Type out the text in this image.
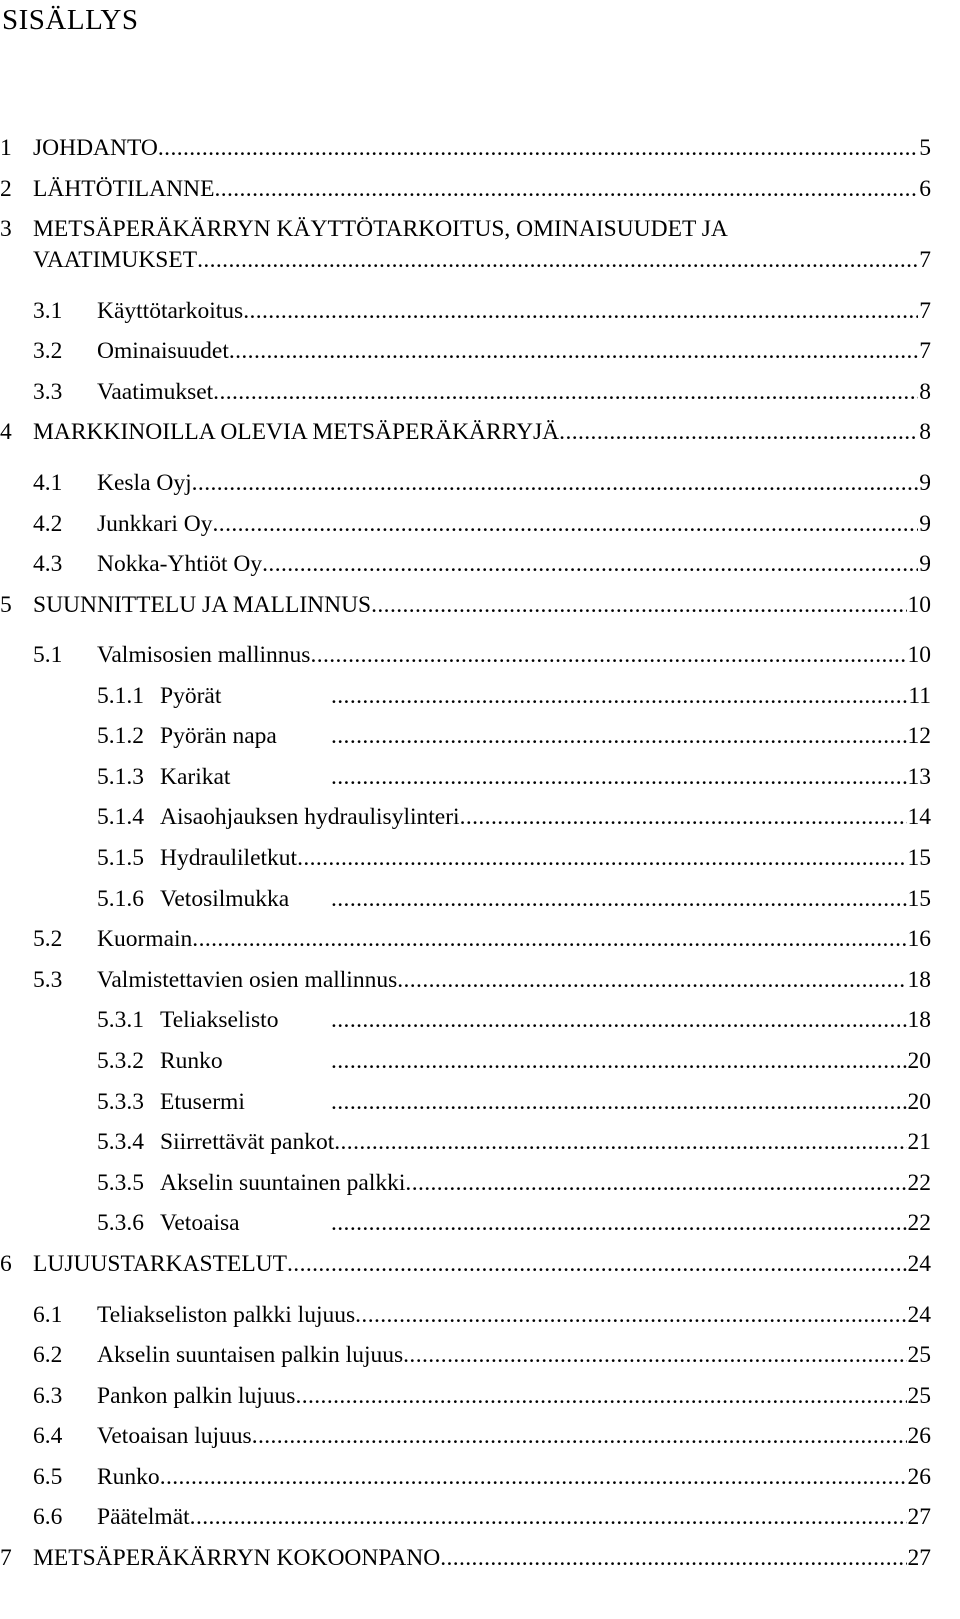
SISÄLLYS
1 JOHDANTO .....	5
2 LÄHTÖTILANNE .....	6
3 METSÄPERÄKÄRRYN KÄYTTÖTARKOITUS, OMINAISUUDET JA
VAATIMUKSET .....	7
3.1 Käyttötarkoitus .....	7
3.2 Ominaisuudet .....	7
3.3 Vaatimukset .....	8
4 MARKKINOILLA OLEVIA METSÄPERÄKÄRRYJÄ .....	8
4.1 Kesla Oyj .....	9
4.2 Junkkari Oy .....	9
4.3 Nokka-Yhtiöt Oy .....	9
5 SUUNNITTELU JA MALLINNUS .....	10
5.1 Valmisosien mallinnus .....	10
5.1.1 Pyörät .....	11
5.1.2 Pyörän napa .....	12
5.1.3 Karikat .....	13
5.1.4 Aisaohjauksen hydraulisylinteri .....	14
5.1.5 Hydrauliletkut .....	15
5.1.6 Vetosilmukka .....	15
5.2 Kuormain .....	16
5.3 Valmistettavien osien mallinnus .....	18
5.3.1 Teliakselisto .....	18
5.3.2 Runko .....	20
5.3.3 Etusermi .....	20
5.3.4 Siirrettävät pankot .....	21
5.3.5 Akselin suuntainen palkki .....	22
5.3.6 Vetoaisa .....	22
6 LUJUUSTARKASTELUT .....	24
6.1 Teliakseliston palkki lujuus .....	24
6.2 Akselin suuntaisen palkin lujuus .....	25
6.3 Pankon palkin lujuus .....	25
6.4 Vetoaisan lujuus .....	26
6.5 Runko .....	26
6.6 Päätelmät .....	27
7 METSÄPERÄKÄRRYN KOKOONPANO .....	27
